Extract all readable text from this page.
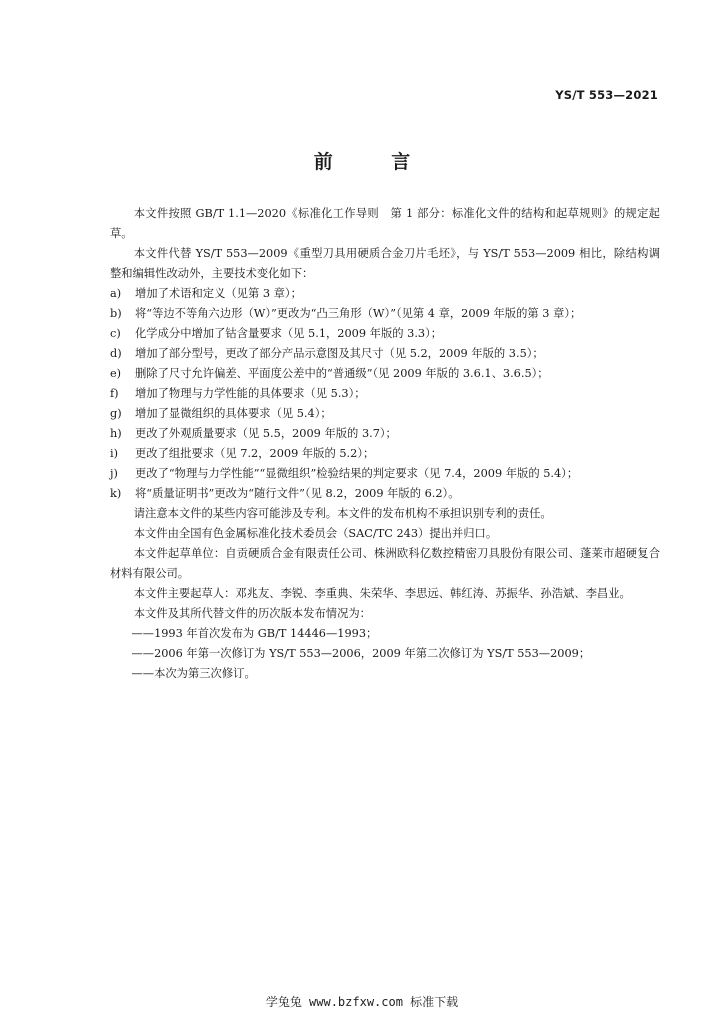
YS/T 553—2021
前 言

本文件按照 GB/T 1.1—2020《标准化工作导则　第 1 部分：标准化文件的结构和起草规则》的规定起草。

本文件代替 YS/T 553—2009《重型刀具用硬质合金刀片毛坯》，与 YS/T 553—2009 相比，除结构调整和编辑性改动外，主要技术变化如下：

a)	增加了术语和定义（见第 3 章）；
b)	将“等边不等角六边形（W）”更改为“凸三角形（W）”（见第 4 章，2009 年版的第 3 章）；
c)	化学成分中增加了钴含量要求（见 5.1，2009 年版的 3.3）；
d)	增加了部分型号，更改了部分产品示意图及其尺寸（见 5.2，2009 年版的 3.5）；
e)	删除了尺寸允许偏差、平面度公差中的“普通级”（见 2009 年版的 3.6.1、3.6.5）；
f)	增加了物理与力学性能的具体要求（见 5.3）；
g)	增加了显微组织的具体要求（见 5.4）；
h)	更改了外观质量要求（见 5.5，2009 年版的 3.7）；
i)	更改了组批要求（见 7.2，2009 年版的 5.2）；
j)	更改了“物理与力学性能”“显微组织”检验结果的判定要求（见 7.4，2009 年版的 5.4）；
k)	将“质量证明书”更改为“随行文件”（见 8.2，2009 年版的 6.2）。

请注意本文件的某些内容可能涉及专利。本文件的发布机构不承担识别专利的责任。

本文件由全国有色金属标准化技术委员会（SAC/TC 243）提出并归口。

本文件起草单位：自贡硬质合金有限责任公司、株洲欧科亿数控精密刀具股份有限公司、蓬莱市超硬复合材料有限公司。

本文件主要起草人：邓兆友、李锐、李重典、朱荣华、李思远、韩红涛、苏振华、孙浩斌、李昌业。

本文件及其所代替文件的历次版本发布情况为：

——1993 年首次发布为 GB/T 14446—1993；

——2006 年第一次修订为 YS/T 553—2006，2009 年第二次修订为 YS/T 553—2009；

——本次为第三次修订。

学兔兔 www.bzfxw.com 标准下载
